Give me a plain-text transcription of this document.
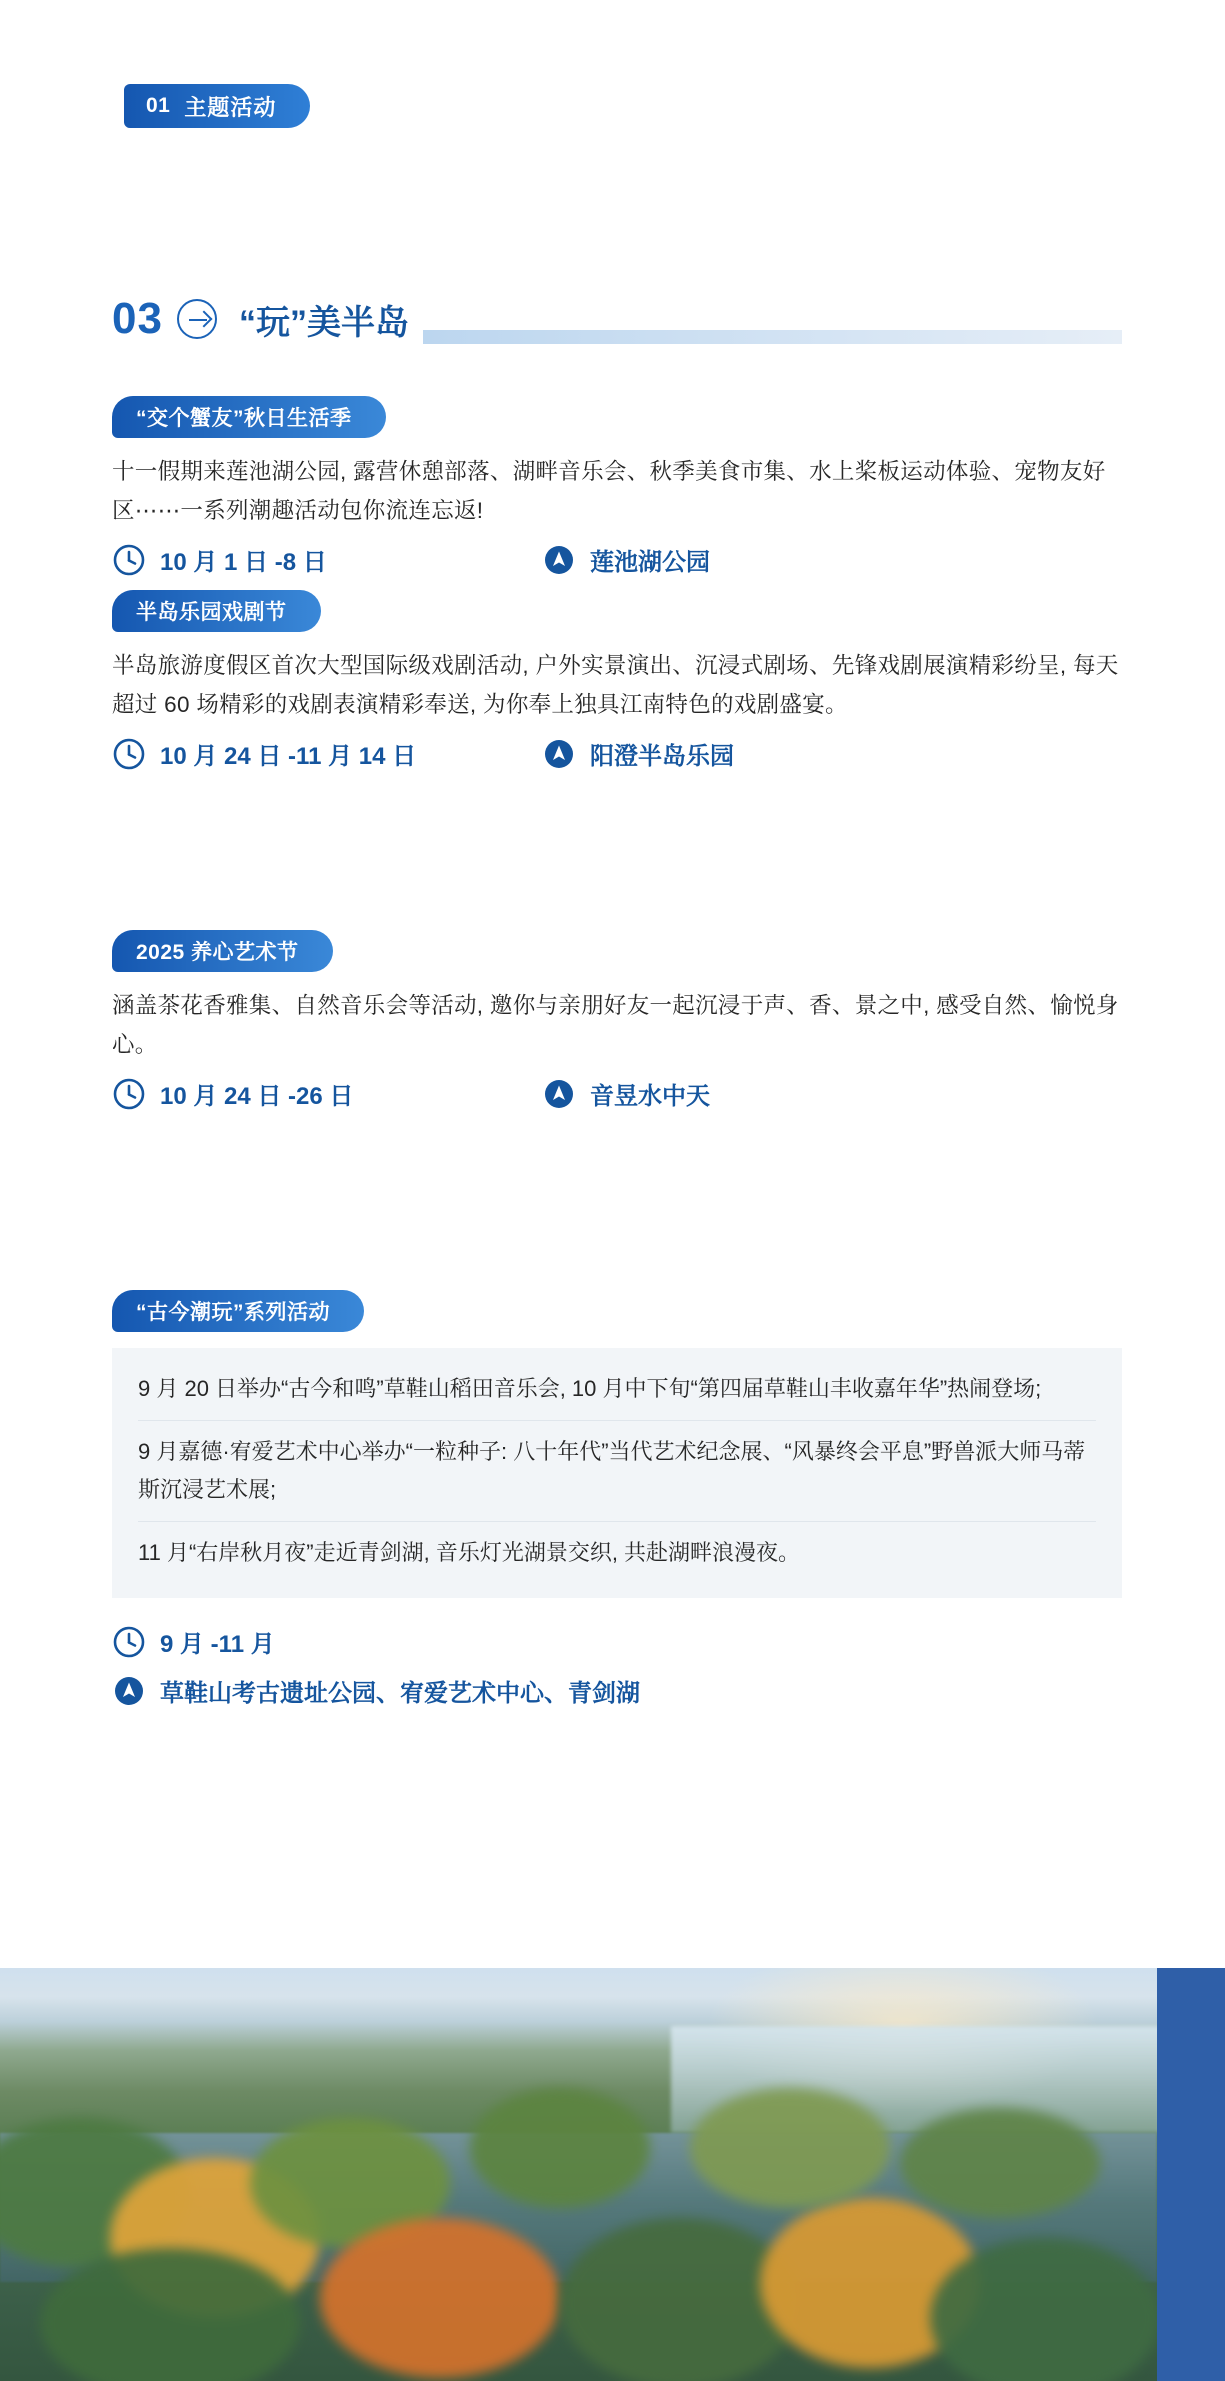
01 主题活动
03 “玩”美半岛
“交个蟹友”秋日生活季
十一假期来莲池湖公园, 露营休憩部落、湖畔音乐会、秋季美食市集、水上桨板运动体验、宠物友好区⋯⋯一系列潮趣活动包你流连忘返!
10 月 1 日 -8 日	莲池湖公园
半岛乐园戏剧节
半岛旅游度假区首次大型国际级戏剧活动, 户外实景演出、沉浸式剧场、先锋戏剧展演精彩纷呈, 每天超过 60 场精彩的戏剧表演精彩奉送, 为你奉上独具江南特色的戏剧盛宴。
10 月 24 日 -11 月 14 日	阳澄半岛乐园
2025 养心艺术节
涵盖茶花香雅集、自然音乐会等活动, 邀你与亲朋好友一起沉浸于声、香、景之中, 感受自然、愉悦身心。
10 月 24 日 -26 日	音昱水中天
“古今潮玩”系列活动
9 月 20 日举办“古今和鸣”草鞋山稻田音乐会, 10 月中下旬“第四届草鞋山丰收嘉年华”热闹登场;
9 月嘉德·宥爱艺术中心举办“一粒种子: 八十年代”当代艺术纪念展、“风暴终会平息”野兽派大师马蒂斯沉浸艺术展;
11 月“右岸秋月夜”走近青剑湖, 音乐灯光湖景交织, 共赴湖畔浪漫夜。
9 月 -11 月
草鞋山考古遗址公园、宥爱艺术中心、青剑湖
